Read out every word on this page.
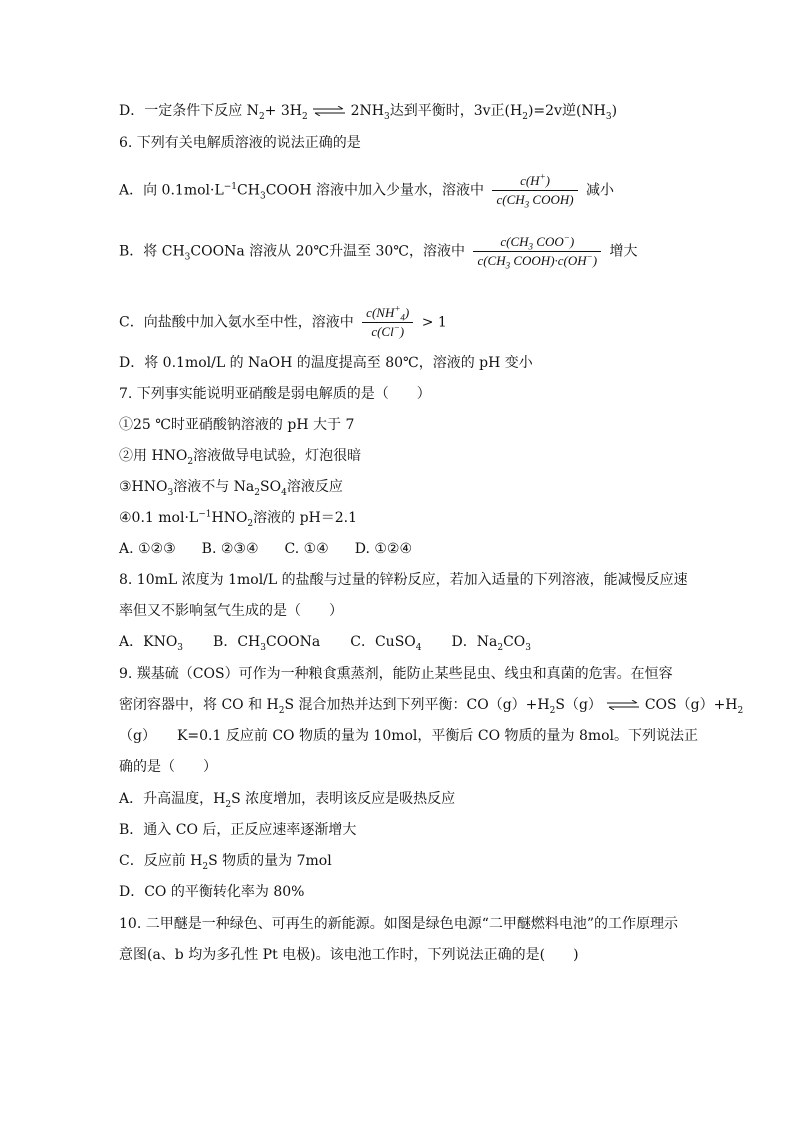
D．一定条件下反应 $N_2+ 3H_2$ ⇌ $2NH_3$达到平衡时，3v正$(H_2)=2v$逆$(NH_3)$
6. 下列有关电解质溶液的说法正确的是
A．向 $0.1mol\cdot L^{-1}CH_3COOH$ 溶液中加入少量水，溶液中 $\frac{c(H^+)}{c(CH_3 COOH)}$ 减小
B．将 $CH_3COONa$ 溶液从 20℃升温至 30℃，溶液中 $\frac{c(CH_3 COO^-)}{c(CH_3 COOH)\cdot c(OH^-)}$ 增大
C．向盐酸中加入氨水至中性，溶液中 $\frac{c(NH^+_4)}{c(Cl^-)} > 1$
D．将 0.1mol/L 的 NaOH 的温度提高至 80℃，溶液的 pH 变小
7. 下列事实能说明亚硝酸是弱电解质的是（　　）
①25 ℃时亚硝酸钠溶液的 pH 大于 7
②用 $HNO_2$溶液做导电试验，灯泡很暗
$③HNO_3$溶液不与 $Na_2SO_4$溶液反应
④0.1 $mol\cdot L^{-1}HNO_2$溶液的 pH＝2.1
A. ①②③ B. ②③④ C. ①④ D. ①②④
8. 10mL 浓度为 1mol/L 的盐酸与过量的锌粉反应，若加入适量的下列溶液，能减慢反应速
率但又不影响氢气生成的是（　　）
A．$KNO_3$ B．$CH_3COONa$ C．CuSO$_4$ D．$Na_2CO_3$
9. 羰基硫（COS）可作为一种粮食熏蒸剂，能防止某些昆虫、线虫和真菌的危害。在恒容
密闭容器中，将 CO 和 $H_2S$ 混合加热并达到下列平衡：$CO(g)+H_2S(g)$ ⇌ $COS(g)+H_2$
（g）　　K=0.1 反应前 CO 物质的量为 10mol，平衡后 CO 物质的量为 8mol。下列说法正
确的是（　　）
A．升高温度，$H_2S$ 浓度增加，表明该反应是吸热反应
B．通入 CO 后，正反应速率逐渐增大
C．反应前 $H_2S$ 物质的量为 7mol
D．CO 的平衡转化率为 80%
10. 二甲醚是一种绿色、可再生的新能源。如图是绿色电源“二甲醚燃料电池”的工作原理示
意图(a、b 均为多孔性 Pt 电极)。该电池工作时，下列说法正确的是(　　)
